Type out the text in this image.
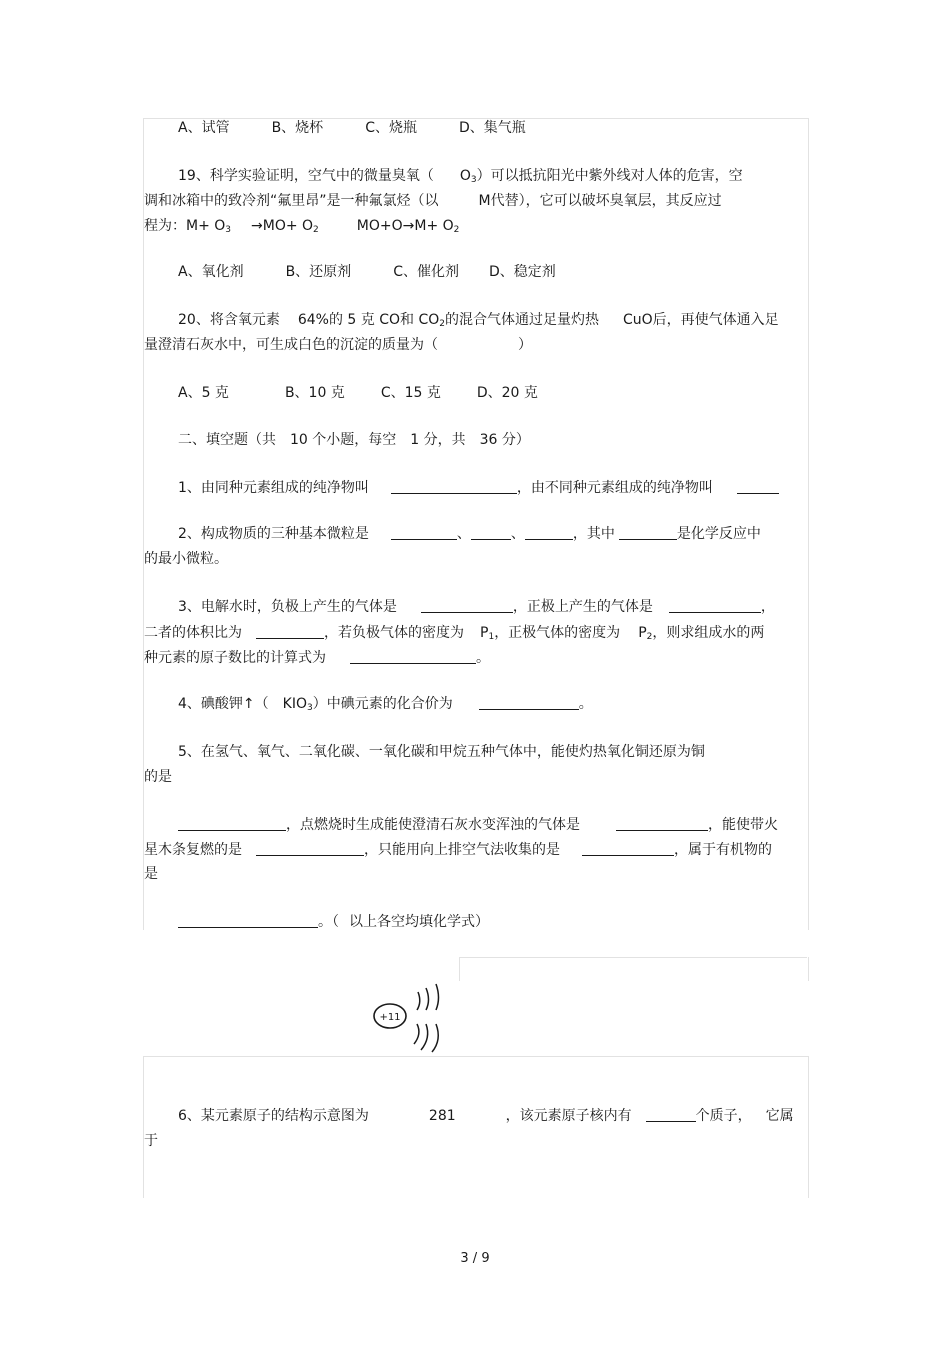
A、试管	B、烧杯	C、烧瓶	D、集气瓶
19、科学实验证明，空气中的微量臭氧（ $O_3$）可以抵抗阳光中紫外线对人体的危害，空
调和冰箱中的致冷剂“氟里昂”是一种氟氯烃（以	M代替），它可以破坏臭氧层，其反应过
程为：$M+ O_3 \to MO+ O_2$	$MO+O\to M+ O_2$
A、氧化剂	B、还原剂	C、催化剂 D、稳定剂
20、将含氧元素 64%的 5 克 CO和 $CO_2$的混合气体通过足量灼热 CuO后，再使气体通入足
量澄清石灰水中，可生成白色的沉淀的质量为（	）
A、5 克	B、10 克	C、15 克	D、20 克
二、填空题（共　10 个小题，每空　1 分，共　36 分）
1、由同种元素组成的纯净物叫	，由不同种元素组成的纯净物叫
2、构成物质的三种基本微粒是	、	、	，其中	是化学反应中
的最小微粒。
3、电解水时，负极上产生的气体是	，正极上产生的气体是	，
二者的体积比为	，若负极气体的密度为 $P_1$，正极气体的密度为 $P_2$，则求组成水的两
种元素的原子数比的计算式为	。
4、碘酸钾↑（ $KIO_3$）中碘元素的化合价为	。
5、在氢气、氧气、二氧化碳、一氧化碳和甲烷五种气体中，能使灼热氧化铜还原为铜
的是
，点燃烧时生成能使澄清石灰水变浑浊的气体是	，能使带火
星木条复燃的是	，只能用向上排空气法收集的是	，属于有机物的
是
。（ 以上各空均填化学式）
+11
6、某元素原子的结构示意图为	281	，该元素原子核内有	个质子， 它属
于
3 / 9
